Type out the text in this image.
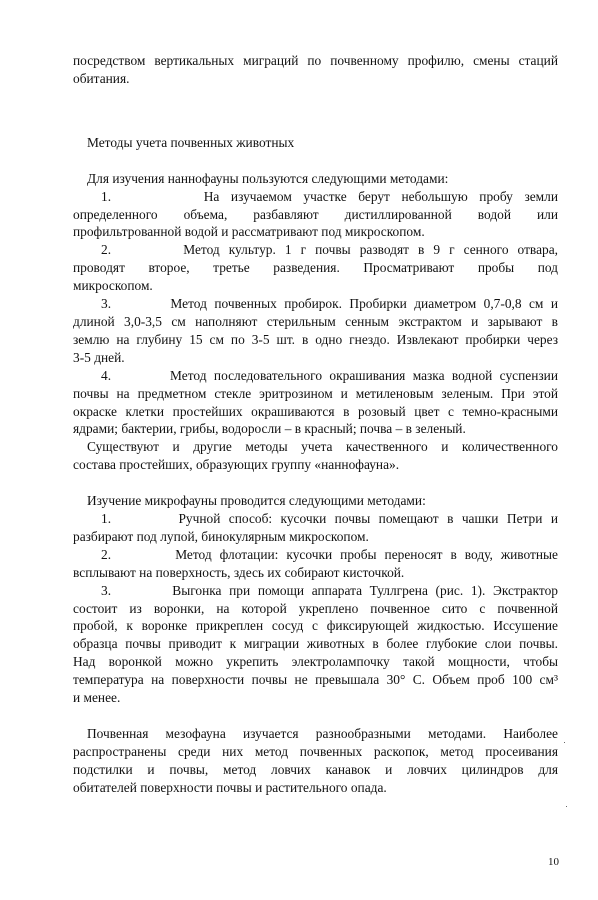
посредством вертикальных миграций по почвенному профилю, смены стаций
обитания.
Методы учета почвенных животных
Для изучения наннофауны пользуются следующими методами:
1.        На изучаемом участке берут небольшую пробу земли
определенного объема, разбавляют дистиллированной водой или
профильтрованной водой и рассматривают под микроскопом.
2.        Метод культур. 1 г почвы разводят в 9 г сенного отвара,
проводят второе, третье разведения. Просматривают пробы под
микроскопом.
3.        Метод почвенных пробирок. Пробирки диаметром 0,7-0,8 см и
длиной 3,0-3,5 см наполняют стерильным сенным экстрактом и зарывают в
землю на глубину 15 см по 3-5 шт. в одно гнездо. Извлекают пробирки через
3-5 дней.
4.        Метод последовательного окрашивания мазка водной суспензии
почвы на предметном стекле эритрозином и метиленовым зеленым. При этой
окраске клетки простейших окрашиваются в розовый цвет с темно-красными
ядрами; бактерии, грибы, водоросли – в красный; почва – в зеленый.
Существуют и другие методы учета качественного и количественного
состава простейших, образующих группу «наннофауна».
Изучение микрофауны проводится следующими методами:
1.        Ручной способ: кусочки почвы помещают в чашки Петри и
разбирают под лупой, бинокулярным микроскопом.
2.        Метод флотации: кусочки пробы переносят в воду, животные
всплывают на поверхность, здесь их собирают кисточкой.
3.        Выгонка при помощи аппарата Туллгрена (рис. 1). Экстрактор
состоит из воронки, на которой укреплено почвенное сито с почвенной
пробой, к воронке прикреплен сосуд с фиксирующей жидкостью. Иссушение
образца почвы приводит к миграции животных в более глубокие слои почвы.
Над воронкой можно укрепить электролампочку такой мощности, чтобы
температура на поверхности почвы не превышала 30° С. Объем проб 100 см³
и менее.
Почвенная мезофауна изучается разнообразными методами. Наиболее
распространены среди них метод почвенных раскопок, метод просеивания
подстилки и почвы, метод ловчих канавок и ловчих цилиндров для
обитателей поверхности почвы и растительного опада.
10
